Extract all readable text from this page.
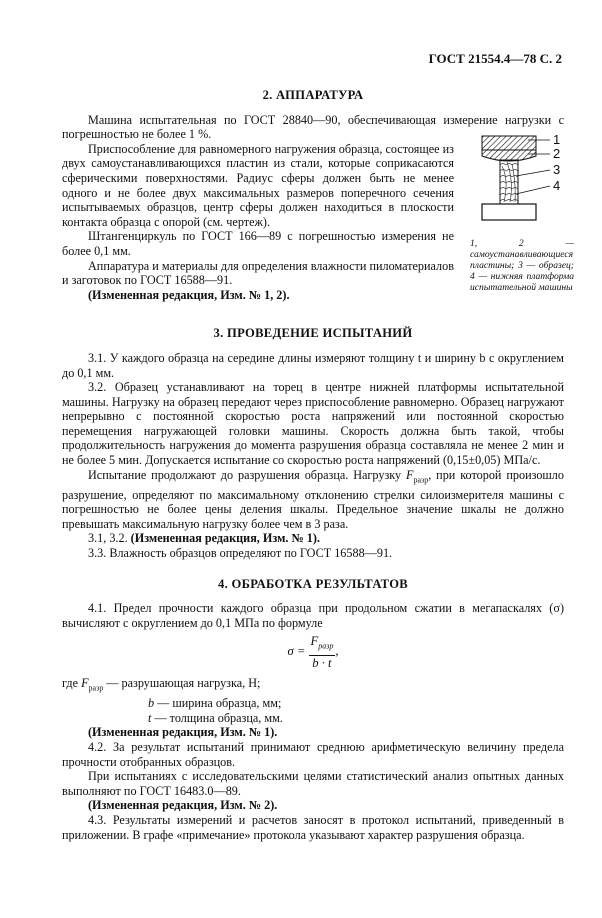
ГОСТ 21554.4—78 С. 2
2. АППАРАТУРА

Машина испытательная по ГОСТ 28840—90, обеспечивающая измерение нагрузки с погрешностью не более 1 %.

Приспособление для равномерного нагружения образца, состоящее из двух самоустанавливающихся пластин из стали, которые соприкасаются сферическими поверхностями. Радиус сферы должен быть не менее одного и не более двух максимальных размеров поперечного сечения испытываемых образцов, центр сферы должен находиться в плоскости контакта образца с опорой (см. чертеж).

Штангенциркуль по ГОСТ 166—89 с погрешностью измерения не более 0,1 мм.

Аппаратура и материалы для определения влажности пиломатериалов и заготовок по ГОСТ 16588—91.

(Измененная редакция, Изм. № 1, 2).

1
2
3
4
1, 2 — самоустанавливающиеся пластины; 3 — образец; 4 — нижняя платформа испытательной машины
3. ПРОВЕДЕНИЕ ИСПЫТАНИЙ

3.1. У каждого образца на середине длины измеряют толщину t и ширину b с округлением до 0,1 мм.

3.2. Образец устанавливают на торец в центре нижней платформы испытательной машины. Нагрузку на образец передают через приспособление равномерно. Образец нагружают непрерывно с постоянной скоростью роста напряжений или постоянной скоростью перемещения нагружающей головки машины. Скорость должна быть такой, чтобы продолжительность нагружения до момента разрушения образца составляла не менее 2 мин и не более 5 мин. Допускается испытание со скоростью роста напряжений (0,15±0,05) МПа/с.

Испытание продолжают до разрушения образца. Нагрузку $F_{разр}$, при которой произошло разрушение, определяют по максимальному отклонению стрелки силоизмерителя машины с погрешностью не более цены деления шкалы. Предельное значение шкалы не должно превышать максимальную нагрузку более чем в 3 раза.

3.1, 3.2. (Измененная редакция, Изм. № 1).

3.3. Влажность образцов определяют по ГОСТ 16588—91.

4. ОБРАБОТКА РЕЗУЛЬТАТОВ

4.1. Предел прочности каждого образца при продольном сжатии в мегапаскалях (σ) вычисляют с округлением до 0,1 МПа по формуле

$\sigma = \frac{F_{разр}}{b \cdot t}$ ,

где $F_{разр}$ — разрушающая нагрузка, Н;

b — ширина образца, мм;

t — толщина образца, мм.

(Измененная редакция, Изм. № 1).

4.2. За результат испытаний принимают среднюю арифметическую величину предела прочности отобранных образцов.

При испытаниях с исследовательскими целями статистический анализ опытных данных выполняют по ГОСТ 16483.0—89.

(Измененная редакция, Изм. № 2).

4.3. Результаты измерений и расчетов заносят в протокол испытаний, приведенный в приложении. В графе «примечание» протокола указывают характер разрушения образца.
